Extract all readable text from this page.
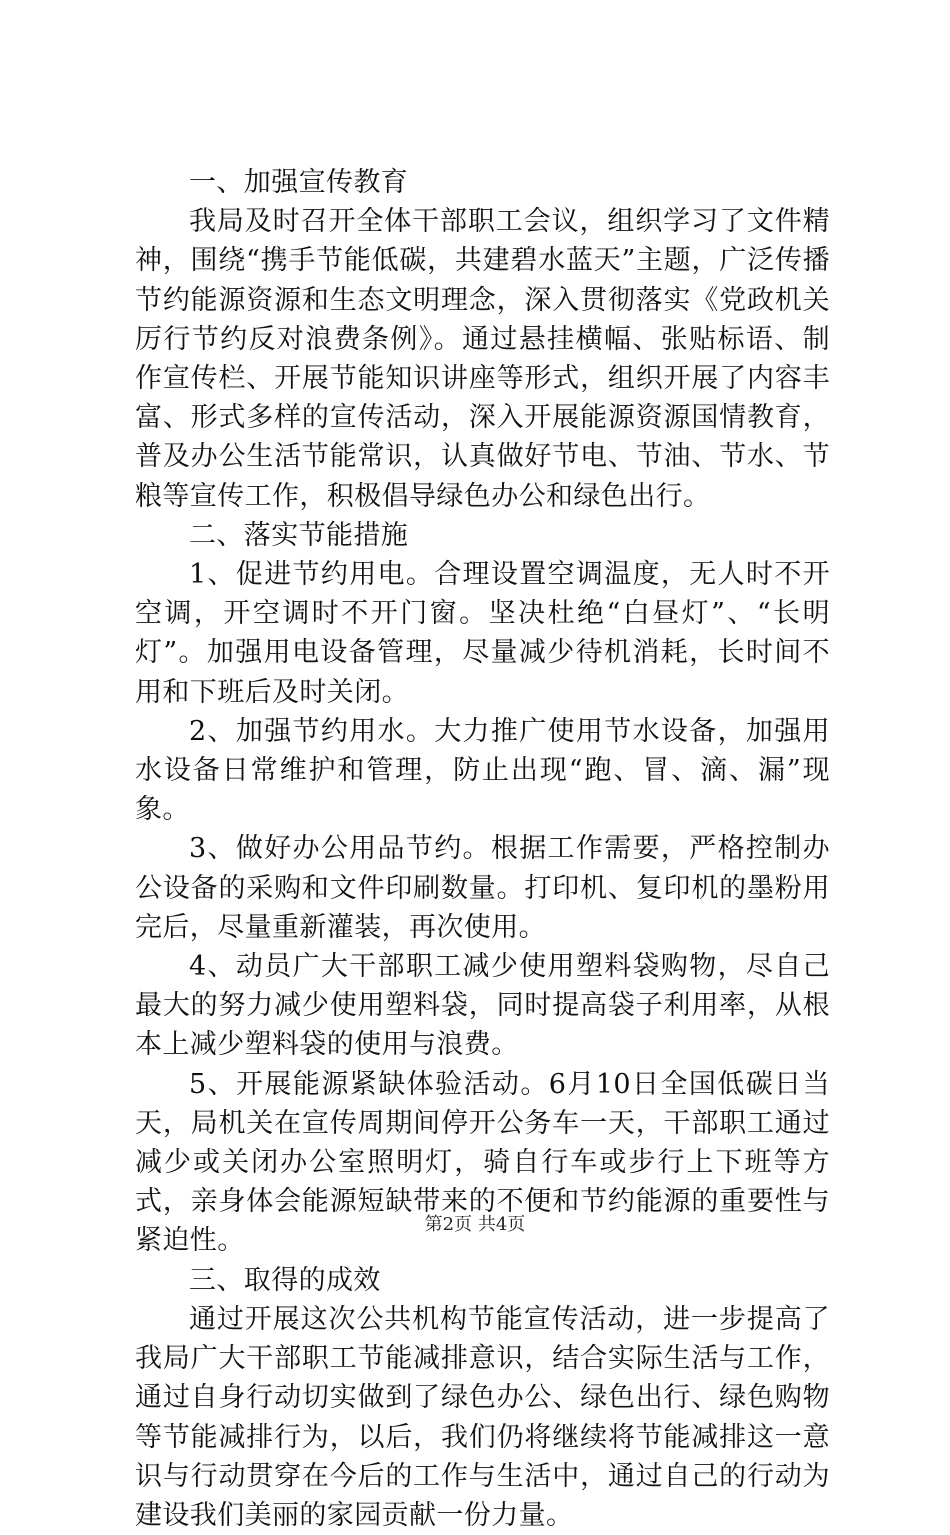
一、加强宣传教育

我局及时召开全体干部职工会议，组织学习了文件精神，围绕“携手节能低碳，共建碧水蓝天”主题，广泛传播节约能源资源和生态文明理念，深入贯彻落实《党政机关厉行节约反对浪费条例》。通过悬挂横幅、张贴标语、制作宣传栏、开展节能知识讲座等形式，组织开展了内容丰富、形式多样的宣传活动，深入开展能源资源国情教育，普及办公生活节能常识，认真做好节电、节油、节水、节粮等宣传工作，积极倡导绿色办公和绿色出行。

二、落实节能措施

1、促进节约用电。合理设置空调温度，无人时不开空调，开空调时不开门窗。坚决杜绝“白昼灯”、“长明灯”。加强用电设备管理，尽量减少待机消耗，长时间不用和下班后及时关闭。

2、加强节约用水。大力推广使用节水设备，加强用水设备日常维护和管理，防止出现“跑、冒、滴、漏”现象。

3、做好办公用品节约。根据工作需要，严格控制办公设备的采购和文件印刷数量。打印机、复印机的墨粉用完后，尽量重新灌装，再次使用。

4、动员广大干部职工减少使用塑料袋购物，尽自己最大的努力减少使用塑料袋，同时提高袋子利用率，从根本上减少塑料袋的使用与浪费。

5、开展能源紧缺体验活动。6月10日全国低碳日当天，局机关在宣传周期间停开公务车一天，干部职工通过减少或关闭办公室照明灯，骑自行车或步行上下班等方式，亲身体会能源短缺带来的不便和节约能源的重要性与紧迫性。

三、取得的成效

通过开展这次公共机构节能宣传活动，进一步提高了我局广大干部职工节能减排意识，结合实际生活与工作，通过自身行动切实做到了绿色办公、绿色出行、绿色购物等节能减排行为，以后，我们仍将继续将节能减排这一意识与行动贯穿在今后的工作与生活中，通过自己的行动为建设我们美丽的家园贡献一份力量。

第2页 共4页
